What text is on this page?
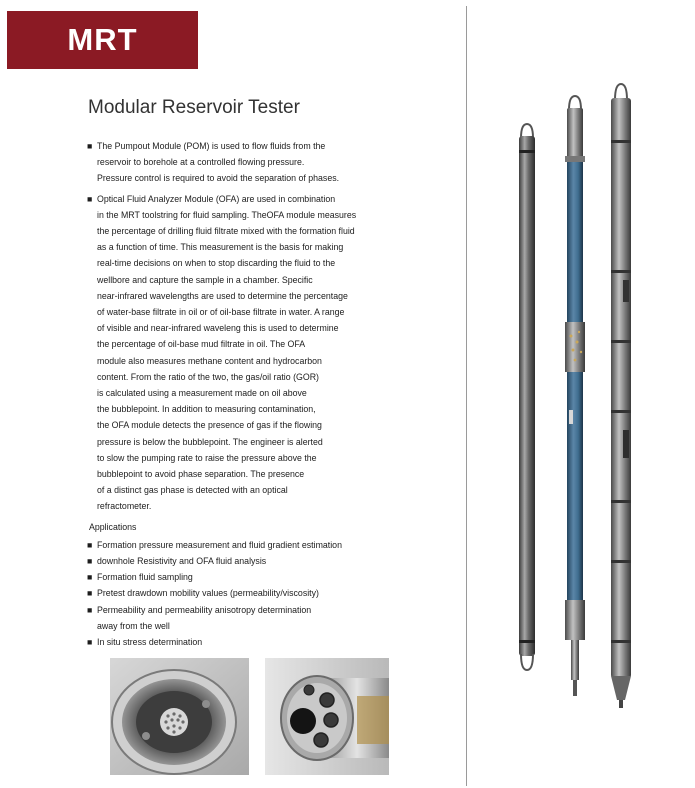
MRT
Modular Reservoir Tester
■ The Pumpout Module (POM) is used to flow fluids from the
reservoir to borehole at a controlled flowing pressure.
Pressure control is required to avoid the separation of phases.
■ Optical Fluid Analyzer Module (OFA) are used in combination
in the MRT toolstring for fluid sampling. TheOFA module measures
the percentage of drilling fluid filtrate mixed with the formation fluid
as a function of time. This measurement is the basis for making
real-time decisions on when to stop discarding the fluid to the
wellbore and capture the sample in a chamber. Specific
near-infrared wavelengths are used to determine the percentage
of water-base filtrate in oil or of oil-base filtrate in water. A range
of visible and near-infrared waveleng this is used to determine
the percentage of oil-base mud filtrate in oil. The OFA
module also measures methane content and hydrocarbon
content. From the ratio of the two, the gas/oil ratio (GOR)
is calculated using a measurement made on oil above
the bubblepoint. In addition to measuring contamination,
the OFA module detects the presence of gas if the flowing
pressure is below the bubblepoint. The engineer is alerted
to slow the pumping rate to raise the pressure above the
bubblepoint to avoid phase separation. The presence
of a distinct gas phase is detected with an optical
refractometer.
Applications
■ Formation pressure measurement and fluid gradient estimation
■ downhole Resistivity and OFA fluid analysis
■ Formation fluid sampling
■ Pretest drawdown mobility values (permeability/viscosity)
■ Permeability and permeability anisotropy determination
away from the well
■ In situ stress determination
